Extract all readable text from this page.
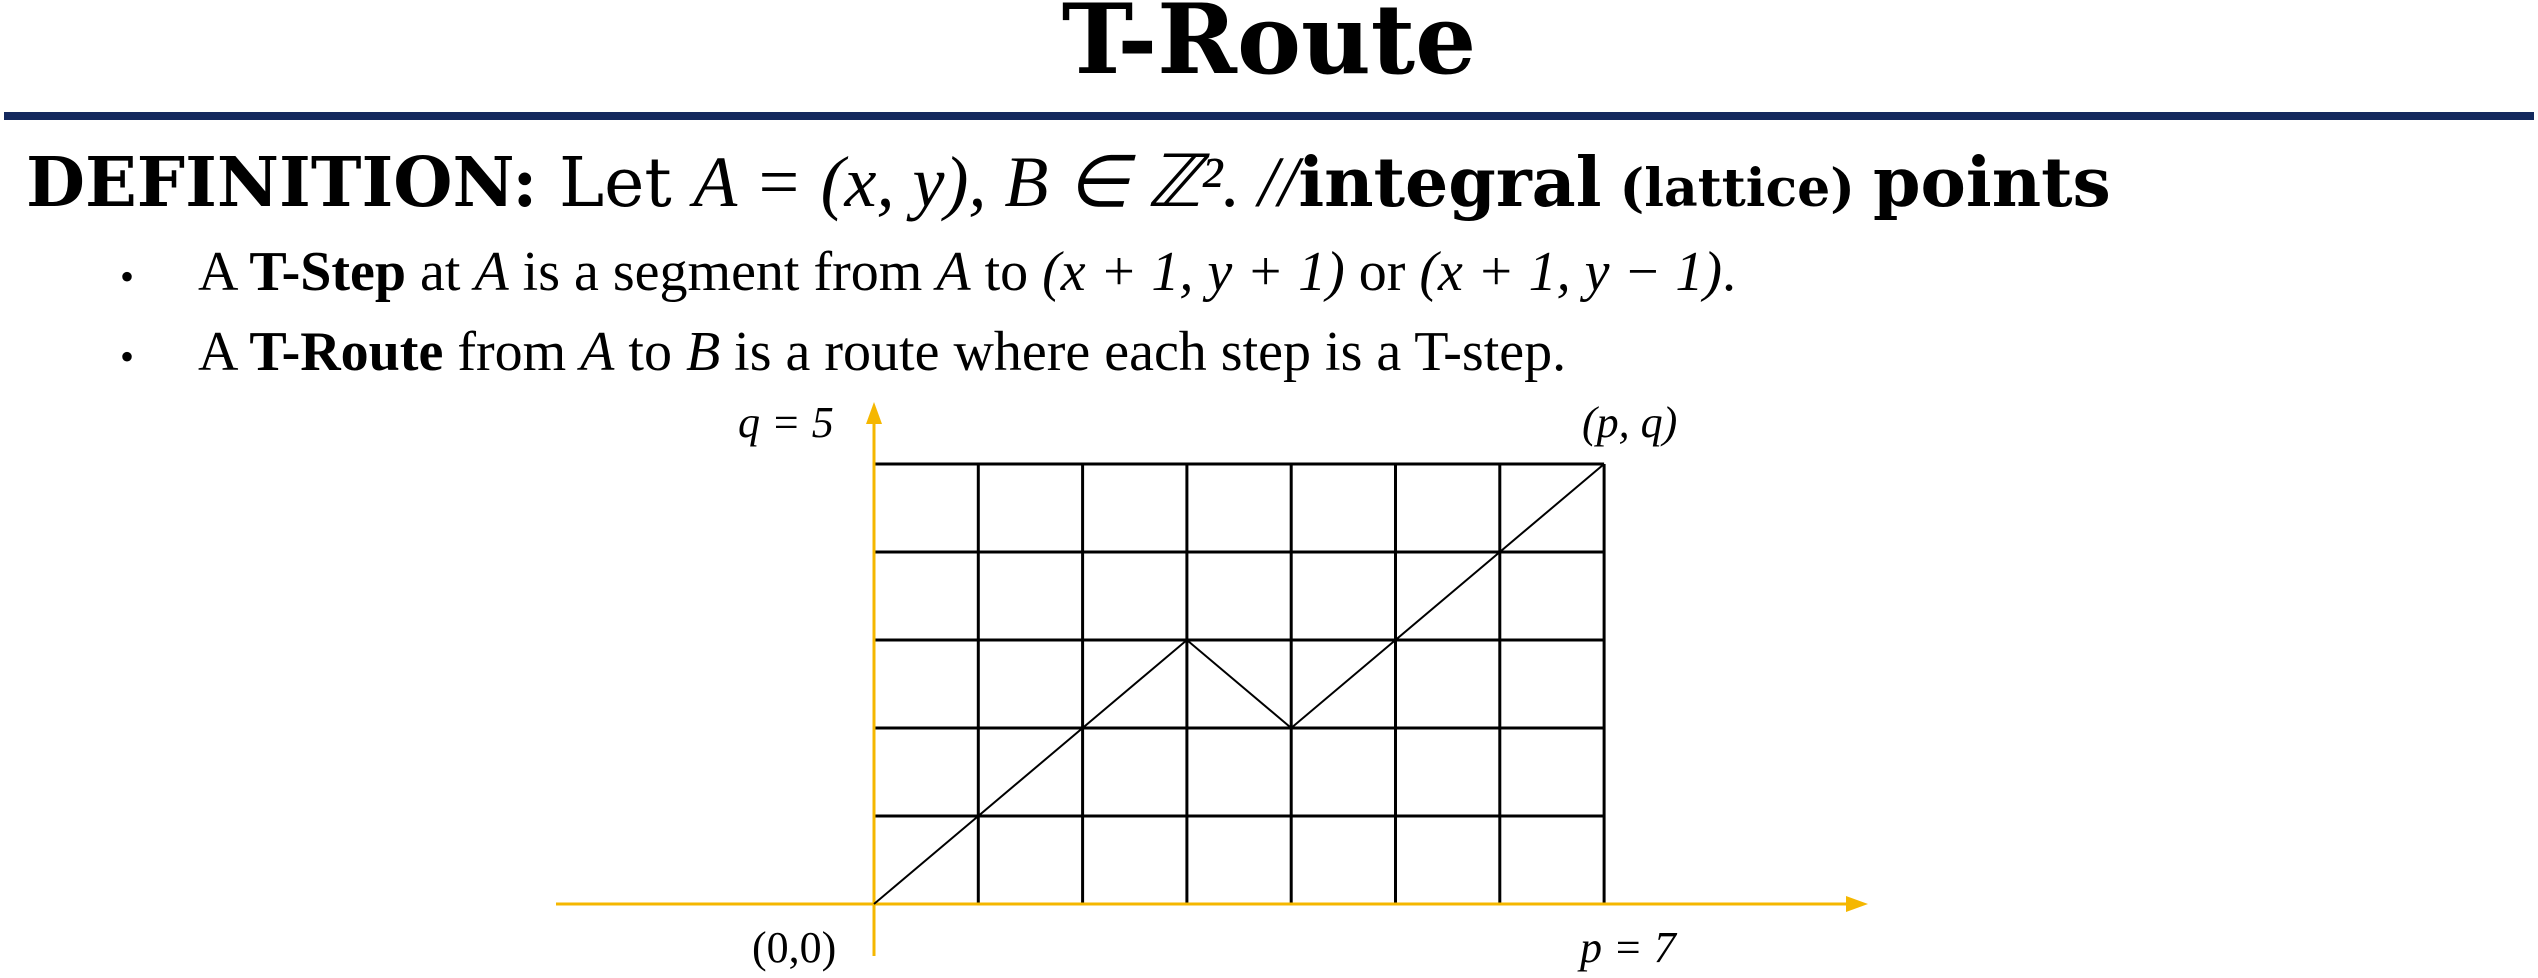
T-Route
DEFINITION: Let A = (x, y), B ∈ ℤ². //integral (lattice) points
• A T-Step at A is a segment from A to (x + 1, y + 1) or (x + 1, y − 1).
• A T-Route from A to B is a route where each step is a T-step.
q = 5	(p, q)
(0,0)	p = 7
